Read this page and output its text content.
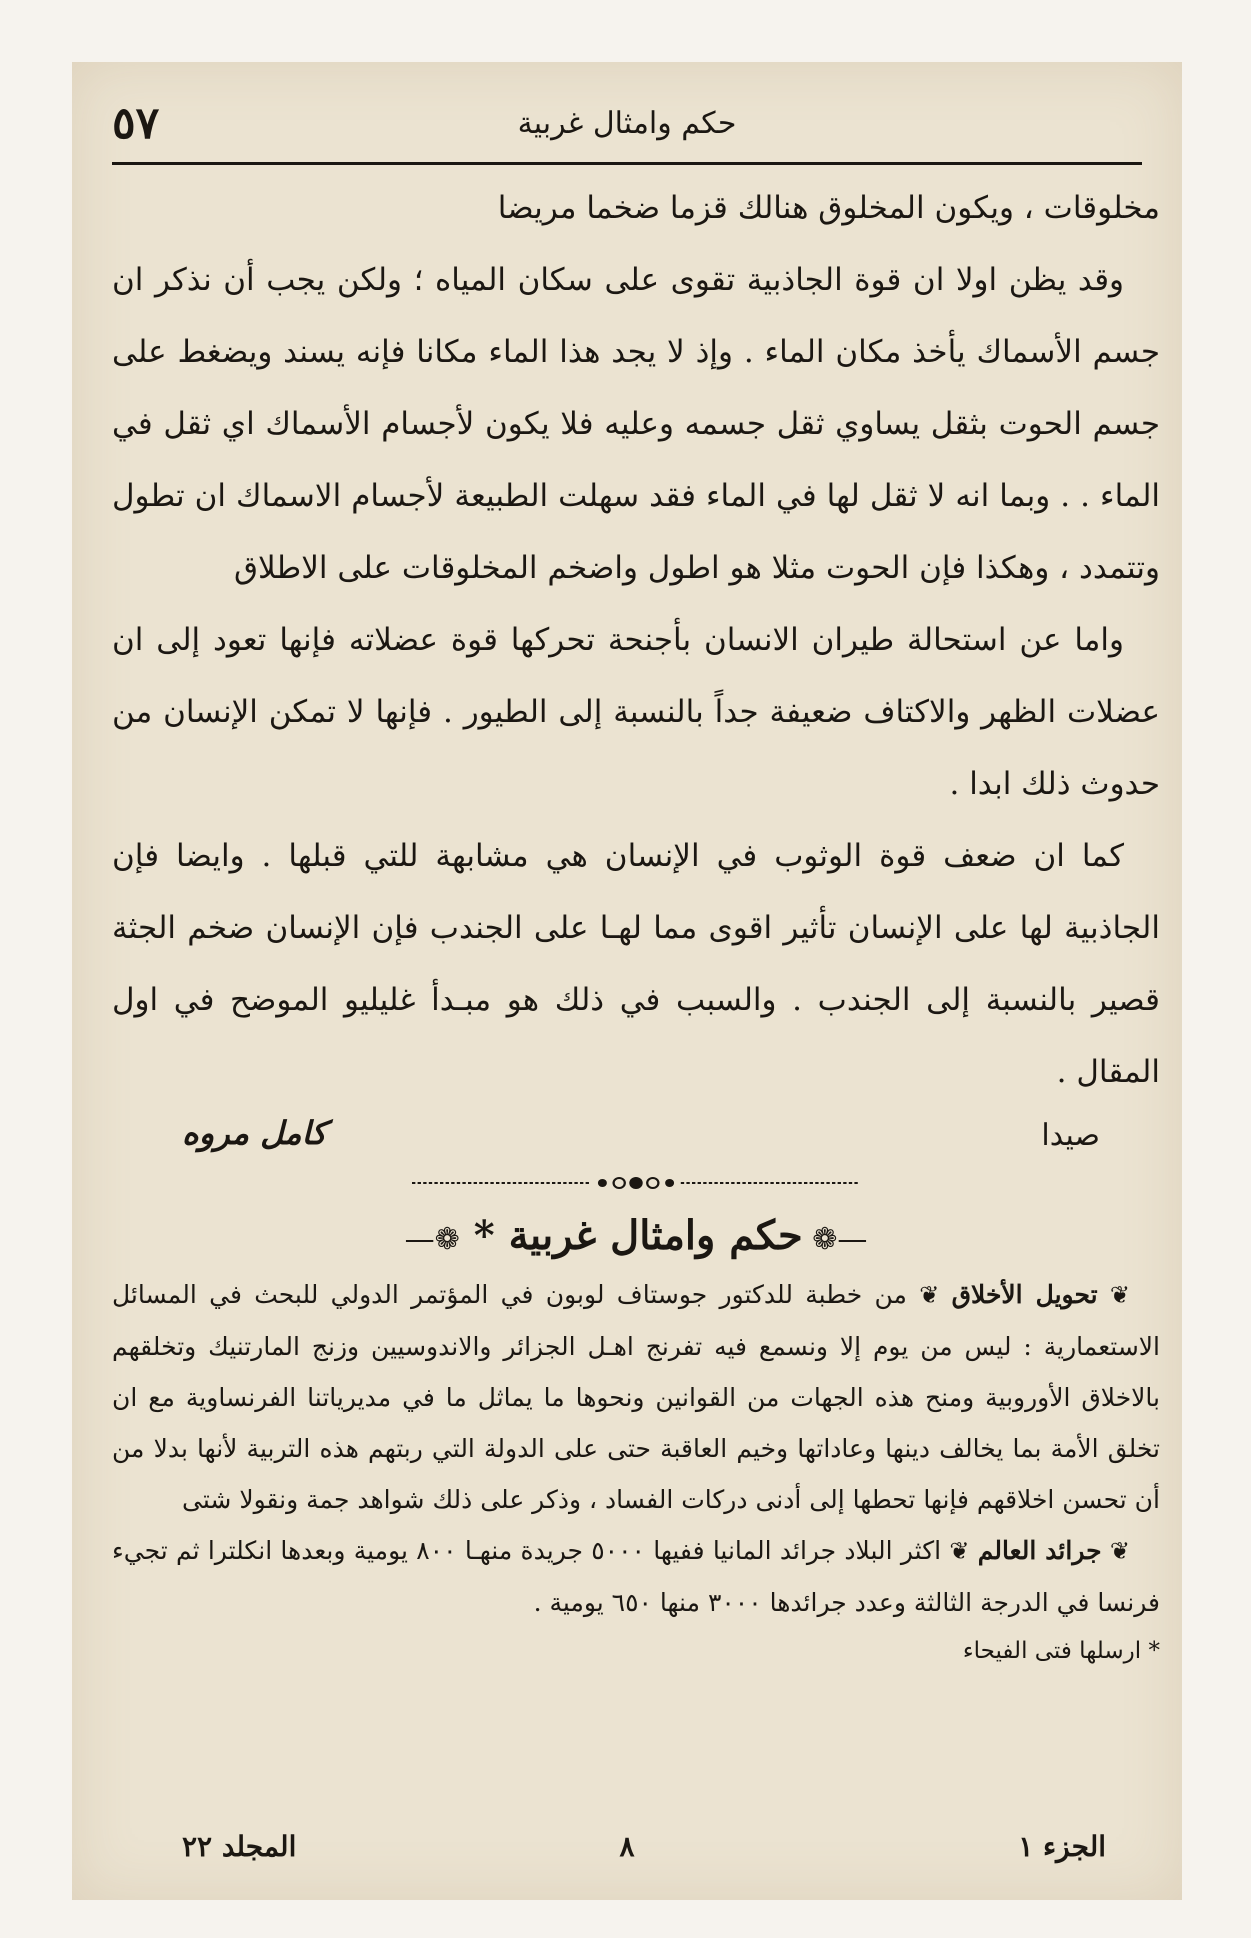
٥٧	حكم وامثال غربية

مخلوقات ، ويكون المخلوق هنالك قزما ضخما مريضا

وقد يظن اولا ان قوة الجاذبية تقوى على سكان المياه ؛ ولكن يجب أن نذكر ان جسم الأسماك يأخذ مكان الماء . وإذ لا يجد هذا الماء مكانا فإنه يسند ويضغط على جسم الحوت بثقل يساوي ثقل جسمه وعليه فلا يكون لأجسام الأسماك اي ثقل في الماء . . وبما انه لا ثقل لها في الماء فقد سهلت الطبيعة لأجسام الاسماك ان تطول وتتمدد ، وهكذا فإن الحوت مثلا هو اطول واضخم المخلوقات على الاطلاق

واما عن استحالة طيران الانسان بأجنحة تحركها قوة عضلاته فإنها تعود إلى ان عضلات الظهر والاكتاف ضعيفة جداً بالنسبة إلى الطيور . فإنها لا تمكن الإنسان من حدوث ذلك ابدا .

كما ان ضعف قوة الوثوب في الإنسان هي مشابهة للتي قبلها . وايضا فإن الجاذبية لها على الإنسان تأثير اقوى مما لهـا على الجندب فإن الإنسان ضخم الجثة قصير بالنسبة إلى الجندب . والسبب في ذلك هو مبـدأ غليليو الموضح في اول المقال .

صيدا
كامل مروه
—❁ حكم وامثال غربية * ❁—

❦ تحويل الأخلاق ❦ من خطبة للدكتور جوستاف لوبون في المؤتمر الدولي للبحث في المسائل الاستعمارية : ليس من يوم إلا ونسمع فيه تفرنج اهـل الجزائر والاندوسيين وزنج المارتنيك وتخلقهم بالاخلاق الأوروبية ومنح هذه الجهات من القوانين ونحوها ما يماثل ما في مديرياتنا الفرنساوية مع ان تخلق الأمة بما يخالف دينها وعاداتها وخيم العاقبة حتى على الدولة التي ربتهم هذه التربية لأنها بدلا من أن تحسن اخلاقهم فإنها تحطها إلى أدنى دركات الفساد ، وذكر على ذلك شواهد جمة ونقولا شتى

❦ جرائد العالم ❦ اكثر البلاد جرائد المانيا ففيها ٥٠٠٠ جريدة منهـا ٨٠٠ يومية وبعدها انكلترا ثم تجيء فرنسا في الدرجة الثالثة وعدد جرائدها ٣٠٠٠ منها ٦٥٠ يومية .

* ارسلها فتى الفيحاء
الجزء ١
٨
المجلد ٢٢
